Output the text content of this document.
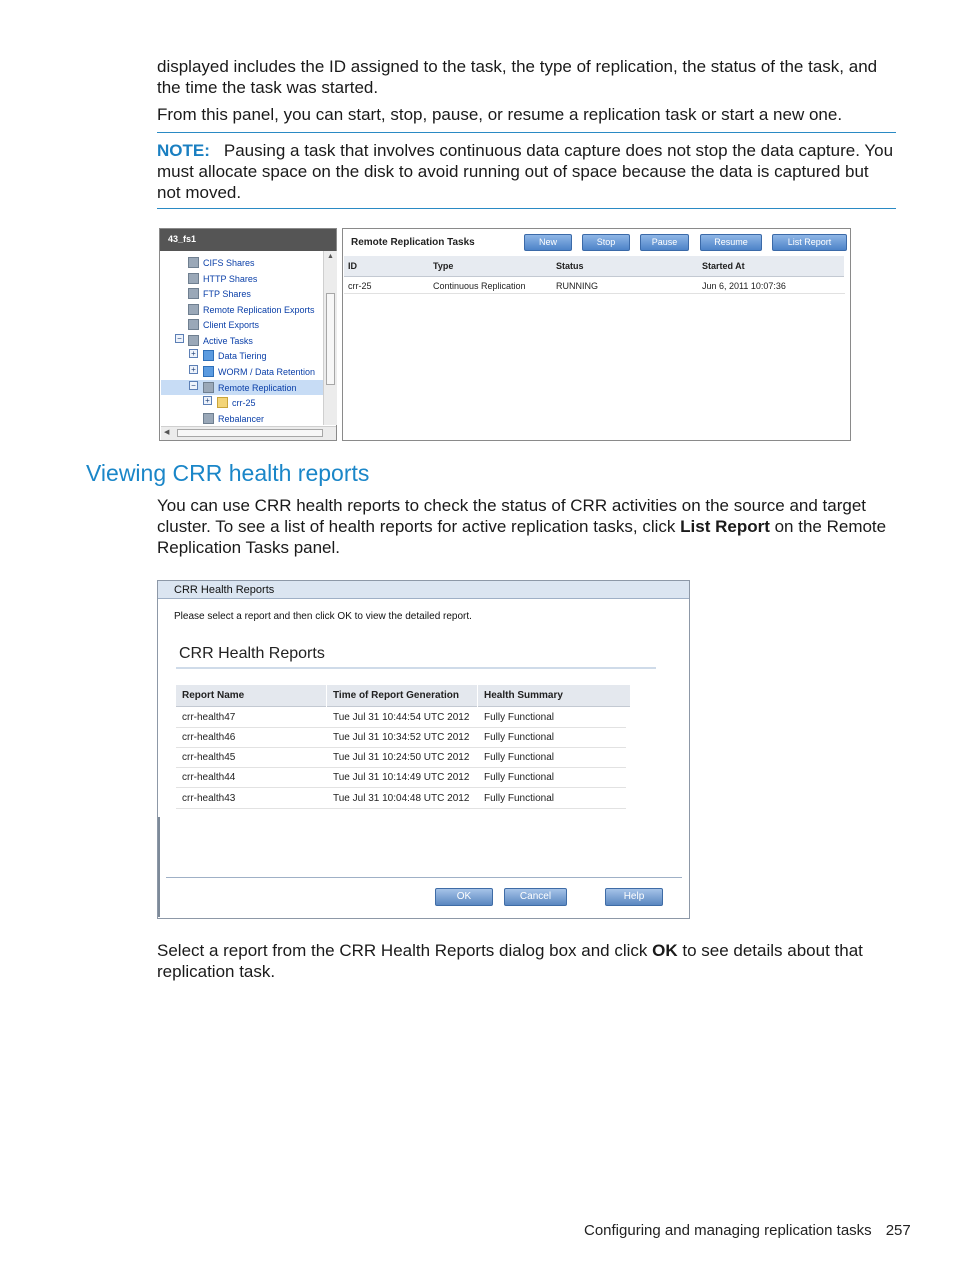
displayed includes the ID assigned to the task, the type of replication, the status of the task, and the time the task was started.

From this panel, you can start, stop, pause, or resume a replication task or start a new one.

NOTE: Pausing a task that involves continuous data capture does not stop the data capture. You must allocate space on the disk to avoid running out of space because the data is captured but not moved.

43_fs1
CIFS Shares
HTTP Shares
FTP Shares
Remote Replication Exports
Client Exports
−	Active Tasks
+	Data Tiering
+	WORM / Data Retention
−	Remote Replication
+	crr-25
Rebalancer
▲
◀
Remote Replication Tasks	New	Stop	Pause	Resume	List Report
ID	Type	Status	Started At
crr-25	Continuous Replication	RUNNING	Jun 6, 2011 10:07:36
Viewing CRR health reports

You can use CRR health reports to check the status of CRR activities on the source and target cluster. To see a list of health reports for active replication tasks, click List Report on the Remote Replication Tasks panel.

CRR Health Reports
Please select a report and then click OK to view the detailed report.
CRR Health Reports
Report Name	Time of Report Generation	Health Summary
crr-health47	Tue Jul 31 10:44:54 UTC 2012 Fully Functional
crr-health46	Tue Jul 31 10:34:52 UTC 2012 Fully Functional
crr-health45	Tue Jul 31 10:24:50 UTC 2012 Fully Functional
crr-health44	Tue Jul 31 10:14:49 UTC 2012 Fully Functional
crr-health43	Tue Jul 31 10:04:48 UTC 2012 Fully Functional
OK	Cancel	Help

Select a report from the CRR Health Reports dialog box and click OK to see details about that replication task.

Configuring and managing replication tasks 257
